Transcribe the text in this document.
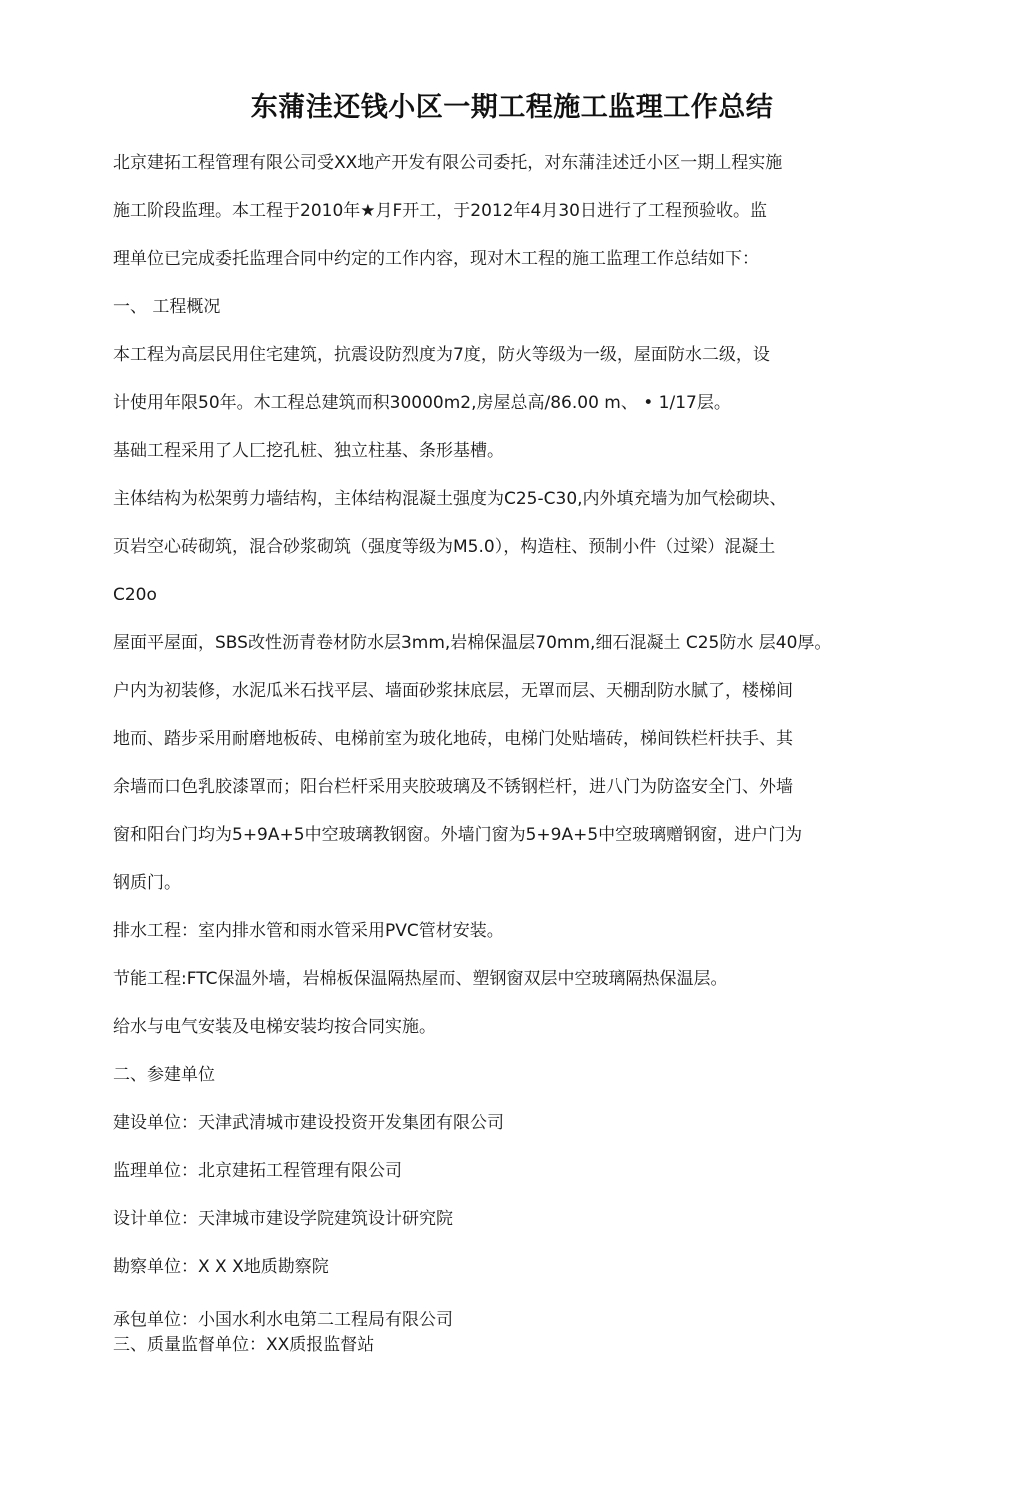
东蒲洼还钱小区一期工程施工监理工作总结
北京建拓工程管理有限公司受XX地产开发有限公司委托，对东蒲洼述迁小区一期丄程实施
施工阶段监理。本工程于2010年★月F开工，于2012年4月30日进行了工程预验收。监
理单位已完成委托监理合同中约定的工作内容，现对木工程的施工监理工作总结如下：
一、 工程概况
本工程为高层民用住宅建筑，抗震设防烈度为7度，防火等级为一级，屋面防水二级，设
计使用年限50年。木工程总建筑而积30000m2,房屋总高/86.00 m、 • 1/17层。
基础工程采用了人匚挖孔桩、独立柱基、条形基槽。
主体结构为松架剪力墙结构，主体结构混凝土强度为C25-C30,内外填充墙为加气桧砌块、
页岩空心砖砌筑，混合砂浆砌筑（强度等级为M5.0），构造柱、预制小件（过梁）混凝土
C20o
屋面平屋面，SBS改性沥青卷材防水层3mm,岩棉保温层70mm,细石混凝土 C25防水 层40厚。
户内为初装修，水泥瓜米石找平层、墙面砂浆抹底层，无罩而层、天棚刮防水腻了，楼梯间
地而、踏步采用耐磨地板砖、电梯前室为玻化地砖，电梯门处贴墙砖，梯间铁栏杆扶手、其
余墙而口色乳胶漆罩而；阳台栏杆采用夹胶玻璃及不锈钢栏杆，进八门为防盗安全门、外墙
窗和阳台门均为5+9A+5中空玻璃教钢窗。外墙门窗为5+9A+5中空玻璃赠钢窗，进户门为
钢质门。
排水工程：室内排水管和雨水管采用PVC管材安装。
节能工程:FTC保温外墙，岩棉板保温隔热屋而、塑钢窗双层中空玻璃隔热保温层。
给水与电气安装及电梯安装均按合同实施。
二、参建单位
建设单位：天津武清城市建设投资开发集团有限公司
监理单位：北京建拓工程管理有限公司
设计单位：天津城市建设学院建筑设计研究院
勘察单位：X X X地质勘察院
承包单位：小国水利水电第二工程局有限公司
三、质量监督单位：XX质报监督站
